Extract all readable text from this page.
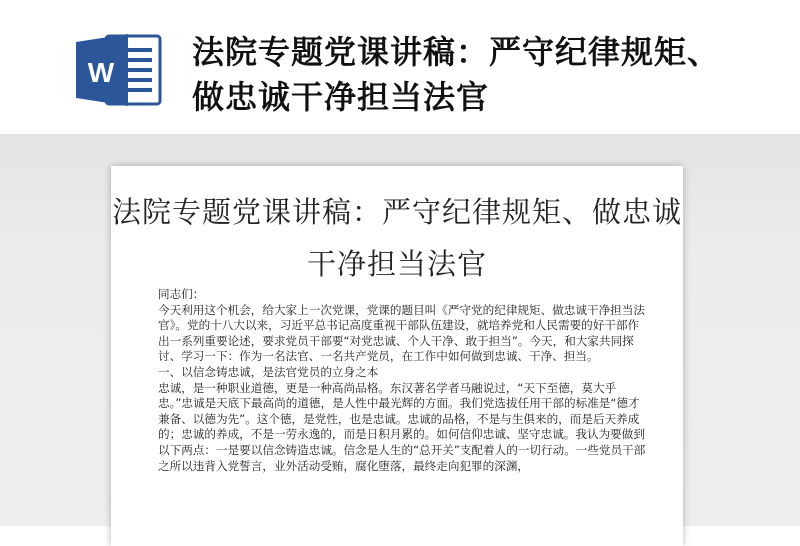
W
法院专题党课讲稿：严守纪律规矩、做忠诚干净担当法官
法院专题党课讲稿：严守纪律规矩、做忠诚干净担当法官

同志们：

今天利用这个机会，给大家上一次党课，党课的题目叫《严守党的纪律规矩、做忠诚干净担当法官》。党的十八大以来，习近平总书记高度重视干部队伍建设，就培养党和人民需要的好干部作出一系列重要论述，要求党员干部要“对党忠诚、个人干净、敢于担当”。今天，和大家共同探讨、学习一下：作为一名法官、一名共产党员，在工作中如何做到忠诚、干净、担当。

一、以信念铸忠诚，是法官党员的立身之本

忠诚，是一种职业道德，更是一种高尚品格。东汉著名学者马融说过，“天下至德，莫大乎忠。”忠诚是天底下最高尚的道德，是人性中最光辉的方面。我们党选拔任用干部的标准是“德才兼备、以德为先”。这个德，是党性，也是忠诚。忠诚的品格，不是与生俱来的，而是后天养成的；忠诚的养成，不是一劳永逸的，而是日积月累的。如何信仰忠诚、坚守忠诚。我认为要做到以下两点：一是要以信念铸造忠诚。信念是人生的“总开关”支配着人的一切行动。一些党员干部之所以违背入党誓言，业外活动受贿，腐化堕落，最终走向犯罪的深渊，
